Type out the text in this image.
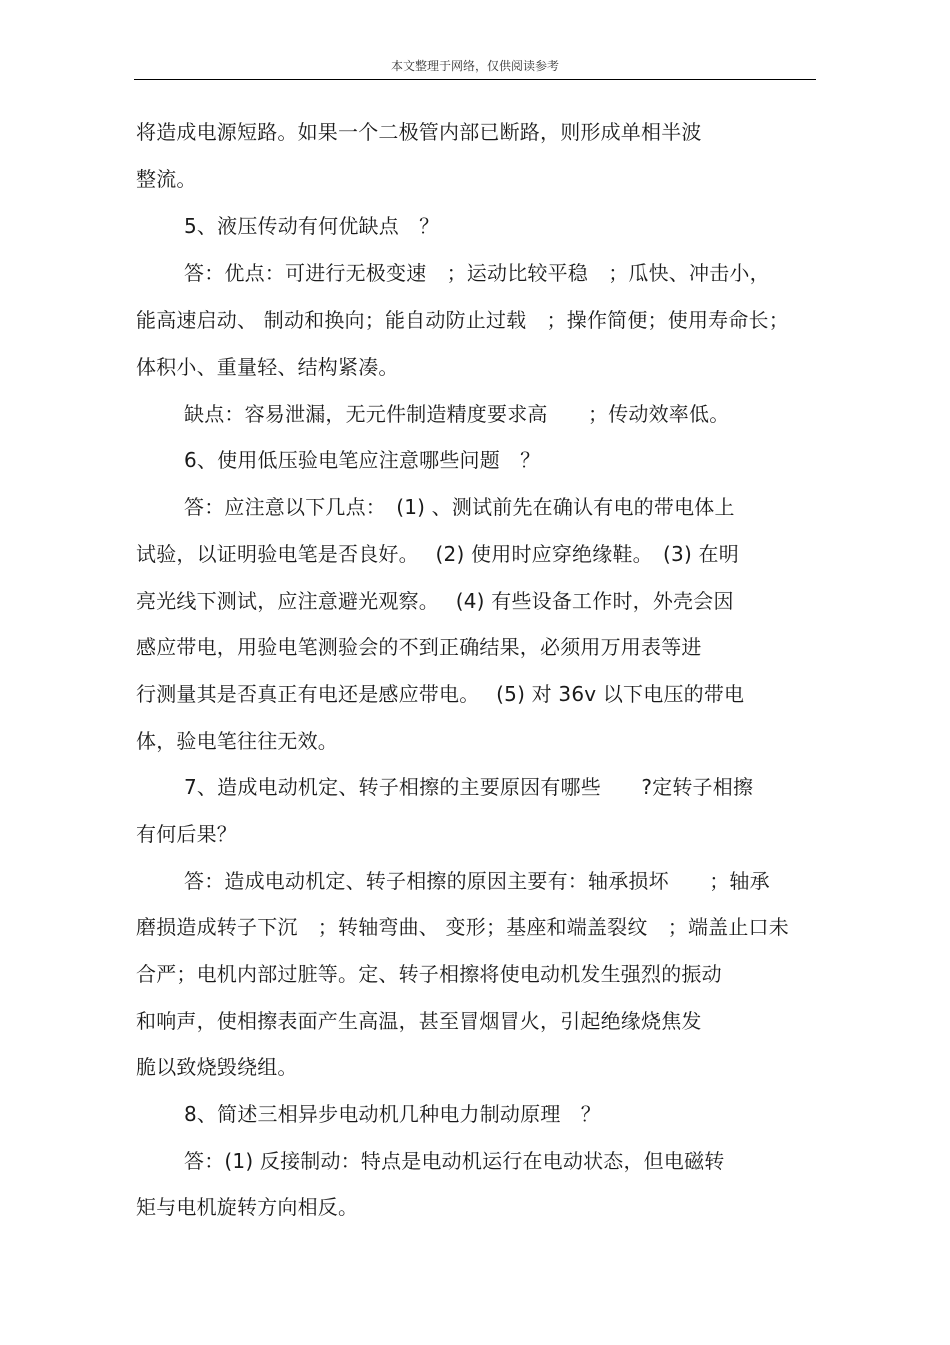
本文整理于网络，仅供阅读参考
将造成电源短路。如果一个二极管内部已断路，则形成单相半波
整流。
5、液压传动有何优缺点　？
答：优点：可进行无极变速　；运动比较平稳　；瓜快、冲击小，
能高速启动、 制动和换向；能自动防止过载　；操作简便；使用寿命长；
体积小、重量轻、结构紧凑。
缺点：容易泄漏，无元件制造精度要求高　　；传动效率低。
6、使用低压验电笔应注意哪些问题　？
答：应注意以下几点：　(1) 、测试前先在确认有电的带电体上
试验，以证明验电笔是否良好。　 (2) 使用时应穿绝缘鞋。　(3) 在明
亮光线下测试，应注意避光观察。　 (4) 有些设备工作时，外壳会因
感应带电，用验电笔测验会的不到正确结果，必须用万用表等进
行测量其是否真正有电还是感应带电。　 (5) 对 36v 以下电压的带电
体，验电笔往往无效。
7、造成电动机定、转子相擦的主要原因有哪些　　?定转子相擦
有何后果？
答：造成电动机定、转子相擦的原因主要有：轴承损坏　　；轴承
磨损造成转子下沉　；转轴弯曲、 变形；基座和端盖裂纹　；端盖止口未
合严；电机内部过脏等。定、转子相擦将使电动机发生强烈的振动
和响声，使相擦表面产生高温，甚至冒烟冒火，引起绝缘烧焦发
脆以致烧毁绕组。
8、简述三相异步电动机几种电力制动原理　？
答：(1) 反接制动：特点是电动机运行在电动状态，但电磁转
矩与电机旋转方向相反。
